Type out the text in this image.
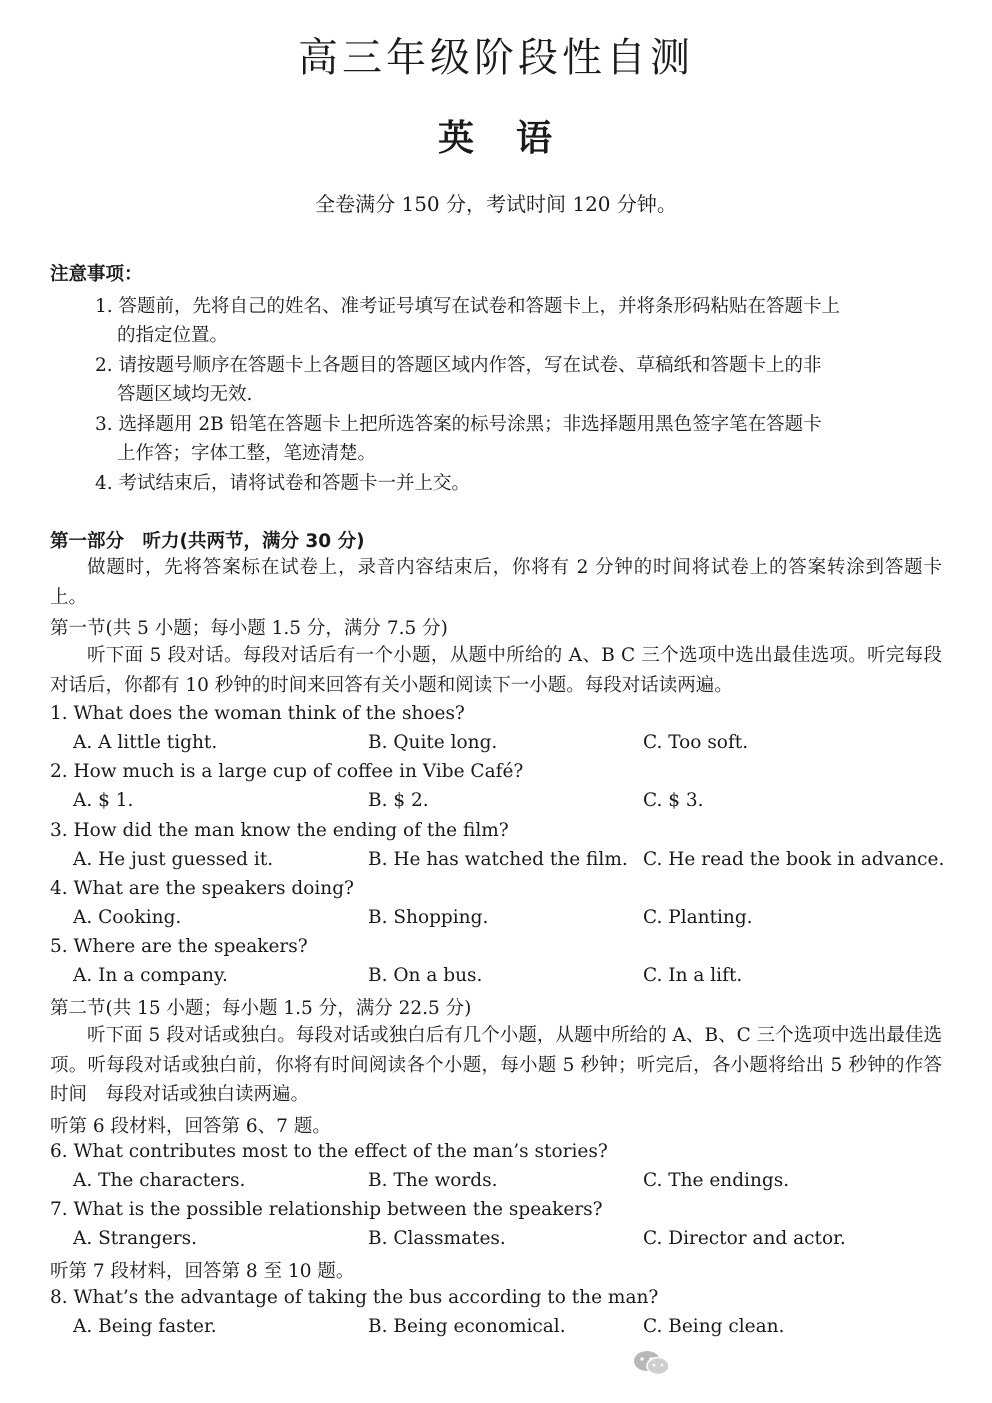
高三年级阶段性自测
英 语
全卷满分 150 分，考试时间 120 分钟。
注意事项：
1. 答题前，先将自己的姓名、准考证号填写在试卷和答题卡上，并将条形码粘贴在答题卡上
的指定位置。
2. 请按题号顺序在答题卡上各题目的答题区域内作答，写在试卷、草稿纸和答题卡上的非
答题区域均无效.
3. 选择题用 2B 铅笔在答题卡上把所选答案的标号涂黑；非选择题用黑色签字笔在答题卡
上作答；字体工整，笔迹清楚。
4. 考试结束后，请将试卷和答题卡一并上交。
第一部分　听力(共两节，满分 30 分)
做题时，先将答案标在试卷上，录音内容结束后，你将有 2 分钟的时间将试卷上的答案转涂到答题卡上。
第一节(共 5 小题；每小题 1.5 分，满分 7.5 分)
听下面 5 段对话。每段对话后有一个小题，从题中所给的 A、B C 三个选项中选出最佳选项。听完每段对话后，你都有 10 秒钟的时间来回答有关小题和阅读下一小题。每段对话读两遍。
1. What does the woman think of the shoes?
A. A little tight.	B. Quite long.	C. Too soft.
2. How much is a large cup of coffee in Vibe Café?
A. $ 1.	B. $ 2.	C. $ 3.
3. How did the man know the ending of the film?
A. He just guessed it.	B. He has watched the film. C. He read the book in advance.
4. What are the speakers doing?
A. Cooking.	B. Shopping.	C. Planting.
5. Where are the speakers?
A. In a company.	B. On a bus.	C. In a lift.
第二节(共 15 小题；每小题 1.5 分，满分 22.5 分)
听下面 5 段对话或独白。每段对话或独白后有几个小题，从题中所给的 A、B、C 三个选项中选出最佳选项。听每段对话或独白前，你将有时间阅读各个小题，每小题 5 秒钟；听完后，各小题将给出 5 秒钟的作答时间　每段对话或独白读两遍。
听第 6 段材料，回答第 6、7 题。
6. What contributes most to the effect of the man’s stories?
A. The characters.	B. The words.	C. The endings.
7. What is the possible relationship between the speakers?
A. Strangers.	B. Classmates.	C. Director and actor.
听第 7 段材料，回答第 8 至 10 题。
8. What’s the advantage of taking the bus according to the man?
A. Being faster.	B. Being economical.	C. Being clean.
